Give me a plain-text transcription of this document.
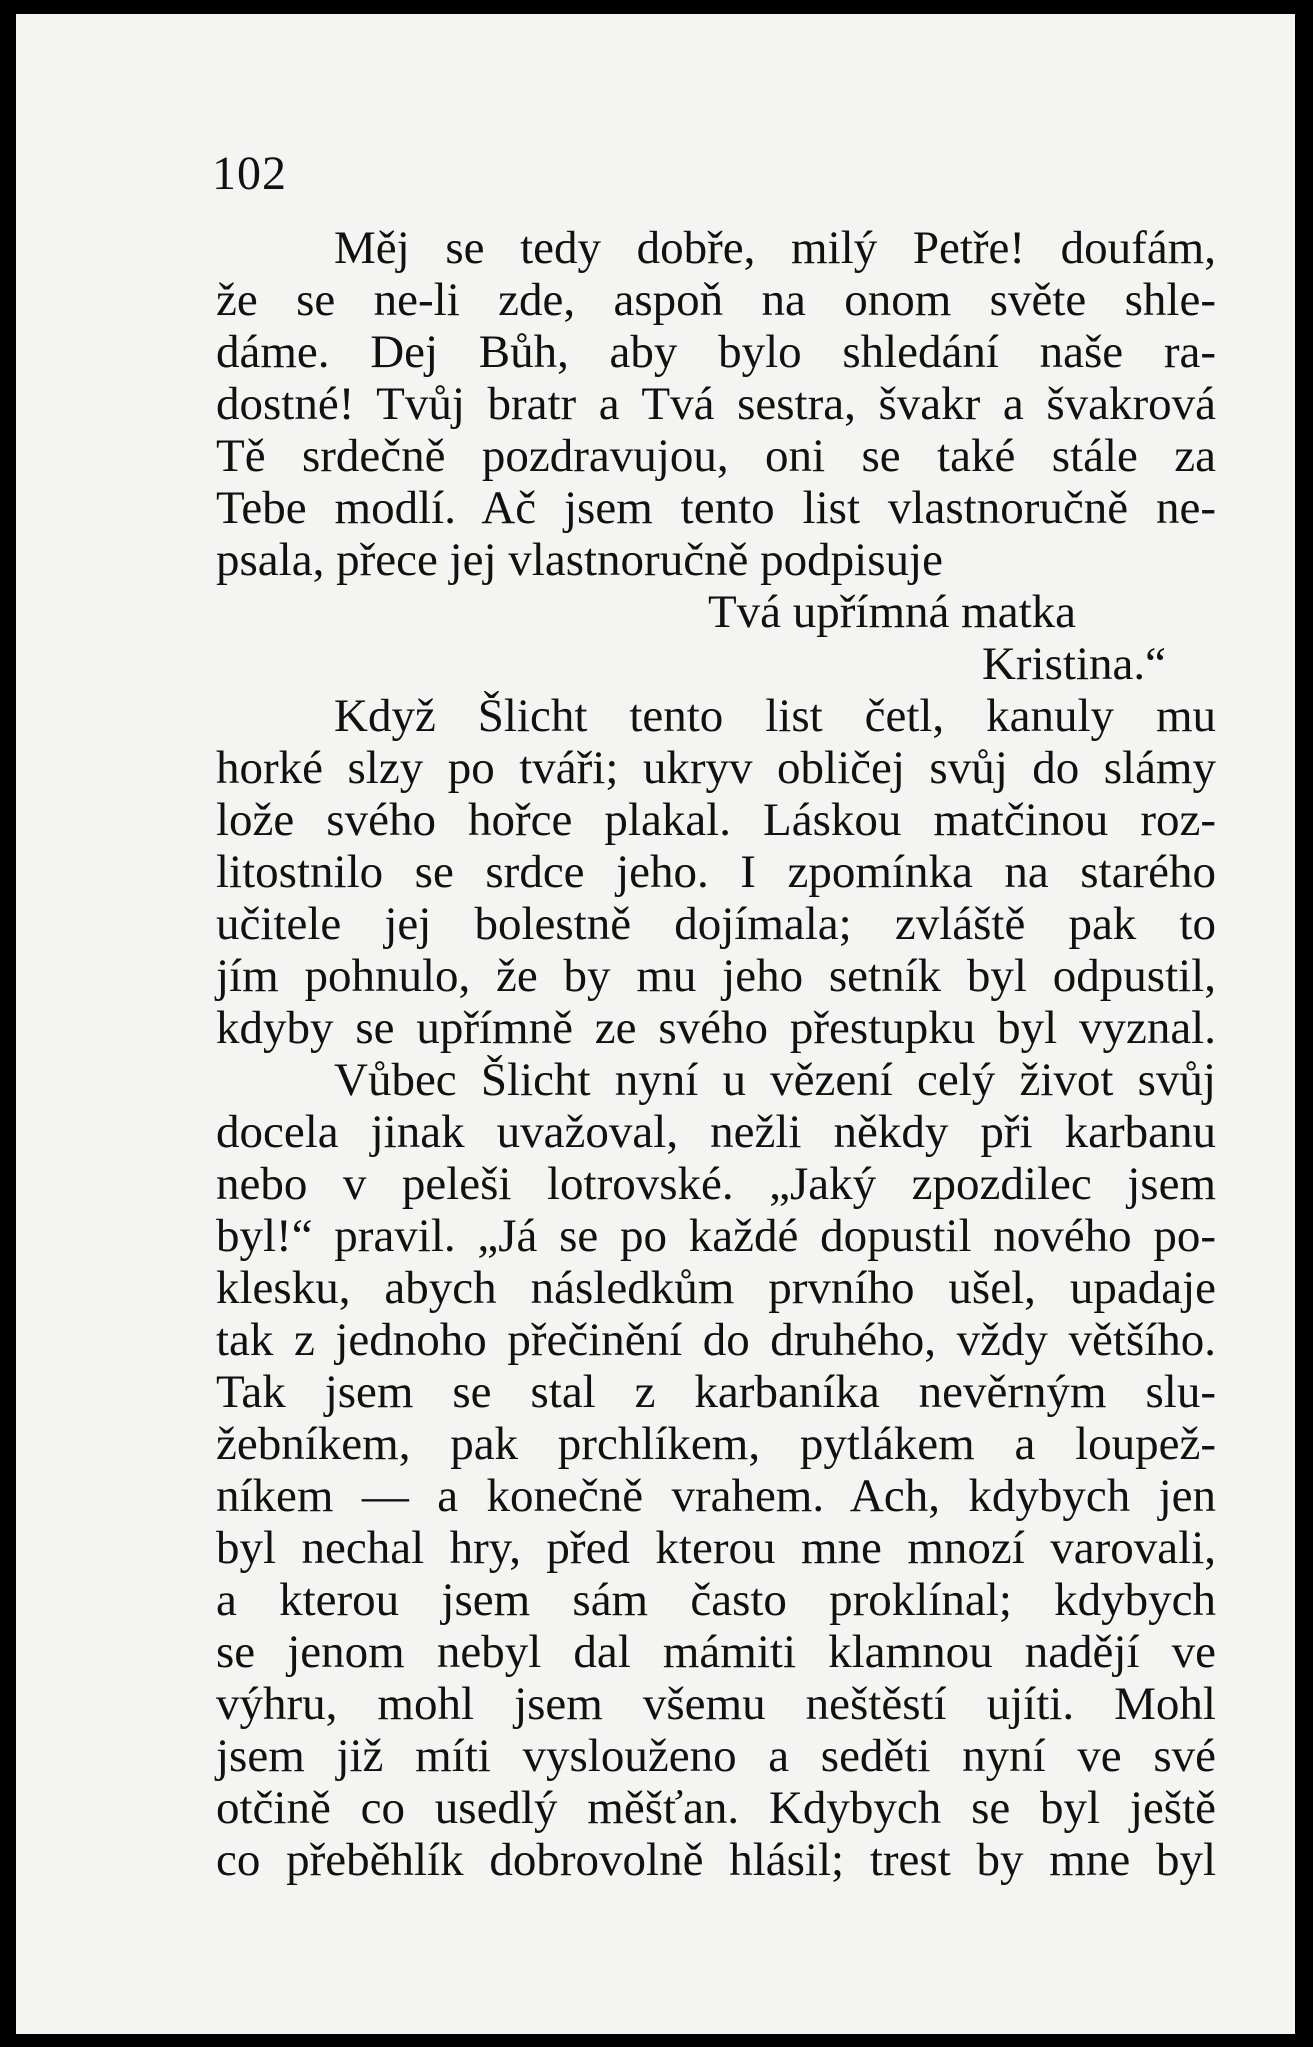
102
Měj se tedy dobře, milý Petře! doufám,
že se ne-li zde, aspoň na onom světe shle-
dáme. Dej Bůh, aby bylo shledání naše ra-
dostné! Tvůj bratr a Tvá sestra, švakr a švakrová
Tě srdečně pozdravujou, oni se také stále za
Tebe modlí. Ač jsem tento list vlastnoručně ne-
psala, přece jej vlastnoručně podpisuje
Tvá upřímná matka
Kristina.“
Když Šlicht tento list četl, kanuly mu
horké slzy po tváři; ukryv obličej svůj do slámy
lože svého hořce plakal. Láskou matčinou roz-
litostnilo se srdce jeho. I zpomínka na starého
učitele jej bolestně dojímala; zvláště pak to
jím pohnulo, že by mu jeho setník byl odpustil,
kdyby se upřímně ze svého přestupku byl vyznal.
Vůbec Šlicht nyní u vězení celý život svůj
docela jinak uvažoval, nežli někdy při karbanu
nebo v peleši lotrovské. „Jaký zpozdilec jsem
byl!“ pravil. „Já se po každé dopustil nového po-
klesku, abych následkům prvního ušel, upadaje
tak z jednoho přečinění do druhého, vždy většího.
Tak jsem se stal z karbaníka nevěrným slu-
žebníkem, pak prchlíkem, pytlákem a loupež-
níkem — a konečně vrahem. Ach, kdybych jen
byl nechal hry, před kterou mne mnozí varovali,
a kterou jsem sám často proklínal; kdybych
se jenom nebyl dal mámiti klamnou nadějí ve
výhru, mohl jsem všemu neštěstí ujíti. Mohl
jsem již míti vyslouženo a seděti nyní ve své
otčině co usedlý měšťan. Kdybych se byl ještě
co přeběhlík dobrovolně hlásil; trest by mne byl
